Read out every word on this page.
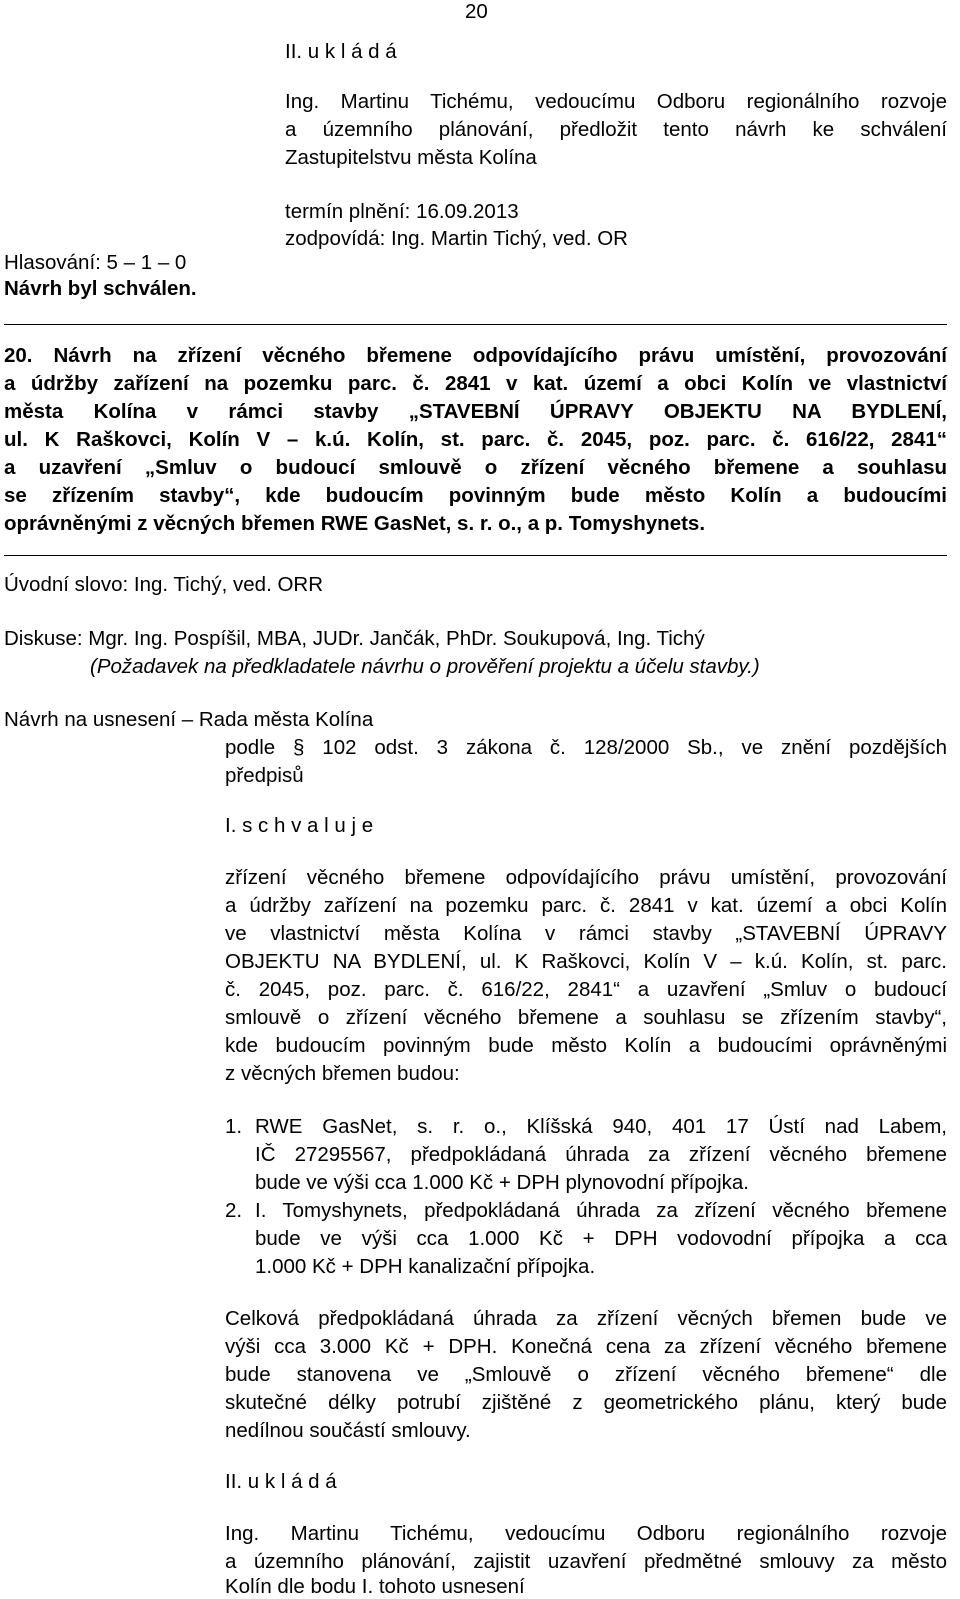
20
II. u k l á d á
Ing. Martinu Tichému, vedoucímu Odboru regionálního rozvoje
a územního plánování, předložit tento návrh ke schválení
Zastupitelstvu města Kolína
termín plnění: 16.09.2013
zodpovídá: Ing. Martin Tichý, ved. OR
Hlasování: 5 – 1 – 0
Návrh byl schválen.
20. Návrh na zřízení věcného břemene odpovídajícího právu umístění, provozování
a údržby zařízení na pozemku parc. č. 2841 v kat. území a obci Kolín ve vlastnictví
města Kolína v rámci stavby „STAVEBNÍ ÚPRAVY OBJEKTU NA BYDLENÍ,
ul. K Raškovci, Kolín V – k.ú. Kolín, st. parc. č. 2045, poz. parc. č. 616/22, 2841“
a uzavření „Smluv o budoucí smlouvě o zřízení věcného břemene a souhlasu
se zřízením stavby“, kde budoucím povinným bude město Kolín a budoucími
oprávněnými z věcných břemen RWE GasNet, s. r. o., a p. Tomyshynets.
Úvodní slovo: Ing. Tichý, ved. ORR
Diskuse: Mgr. Ing. Pospíšil, MBA, JUDr. Jančák, PhDr. Soukupová, Ing. Tichý
(Požadavek na předkladatele návrhu o prověření projektu a účelu stavby.)
Návrh na usnesení – Rada města Kolína
podle § 102 odst. 3 zákona č. 128/2000 Sb., ve znění pozdějších
předpisů
I. s c h v a l u j e
zřízení věcného břemene odpovídajícího právu umístění, provozování
a údržby zařízení na pozemku parc. č. 2841 v kat. území a obci Kolín
ve vlastnictví města Kolína v rámci stavby „STAVEBNÍ ÚPRAVY
OBJEKTU NA BYDLENÍ, ul. K Raškovci, Kolín V – k.ú. Kolín, st. parc.
č. 2045, poz. parc. č. 616/22, 2841“ a uzavření „Smluv o budoucí
smlouvě o zřízení věcného břemene a souhlasu se zřízením stavby“,
kde budoucím povinným bude město Kolín a budoucími oprávněnými
z věcných břemen budou:
1. RWE GasNet, s. r. o., Klíšská 940, 401 17 Ústí nad Labem,
IČ 27295567, předpokládaná úhrada za zřízení věcného břemene
bude ve výši cca 1.000 Kč + DPH plynovodní přípojka.
2. I. Tomyshynets, předpokládaná úhrada za zřízení věcného břemene
bude ve výši cca 1.000 Kč + DPH vodovodní přípojka a cca
1.000 Kč + DPH kanalizační přípojka.
Celková předpokládaná úhrada za zřízení věcných břemen bude ve
výši cca 3.000 Kč + DPH. Konečná cena za zřízení věcného břemene
bude stanovena ve „Smlouvě o zřízení věcného břemene“ dle
skutečné délky potrubí zjištěné z geometrického plánu, který bude
nedílnou součástí smlouvy.
II. u k l á d á
Ing. Martinu Tichému, vedoucímu Odboru regionálního rozvoje
a územního plánování, zajistit uzavření předmětné smlouvy za město
Kolín dle bodu I. tohoto usnesení
